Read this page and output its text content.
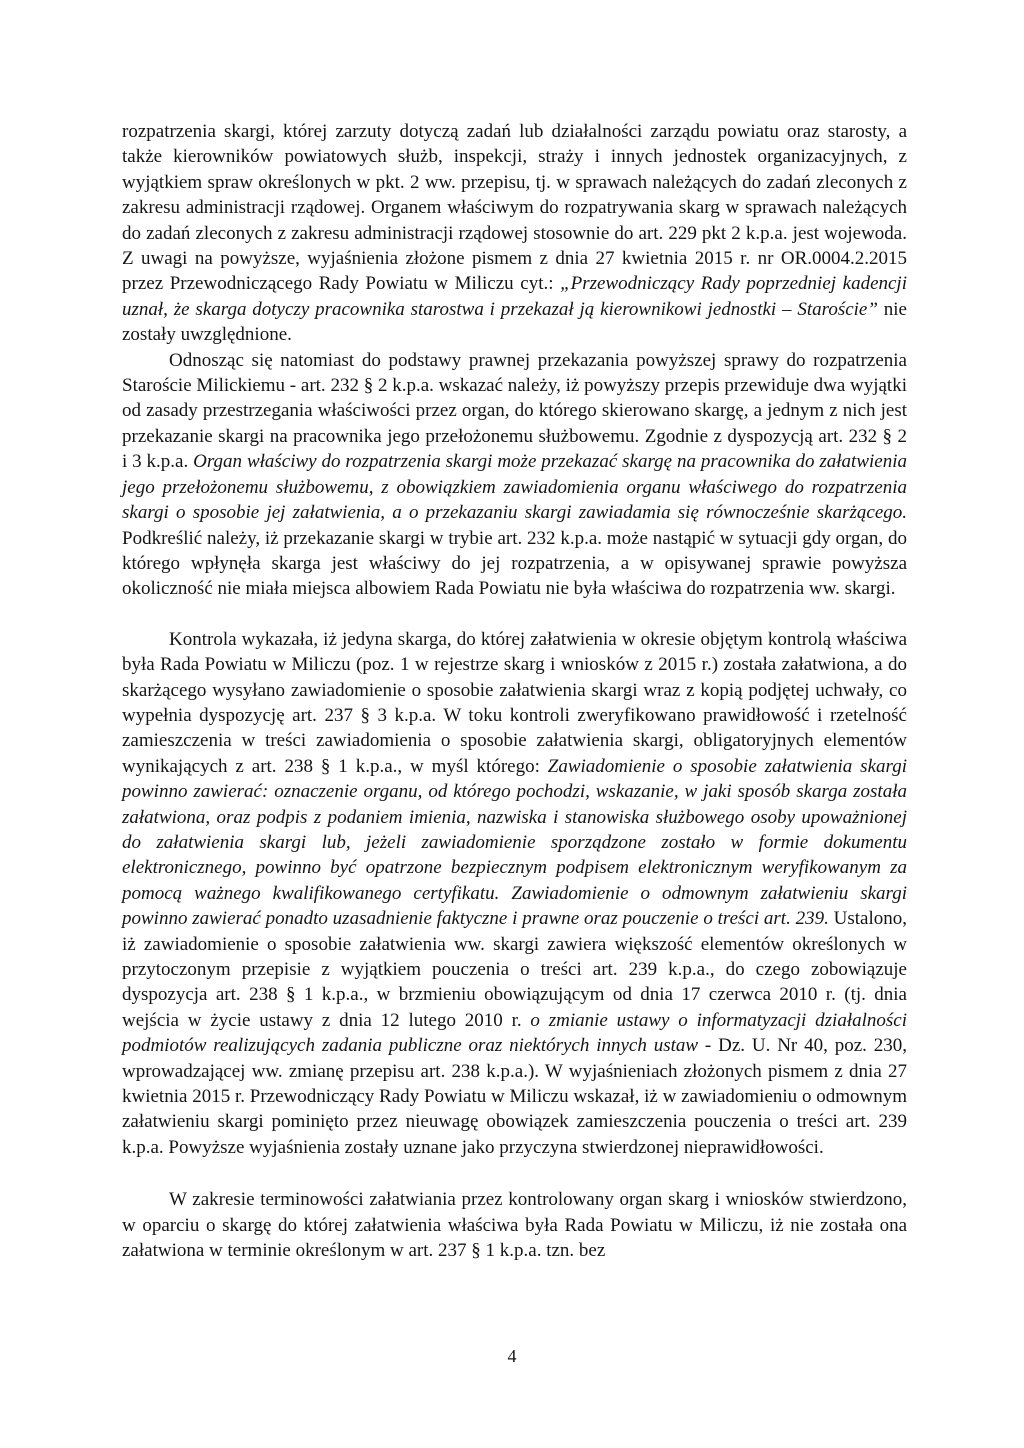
rozpatrzenia skargi, której zarzuty dotyczą zadań lub działalności zarządu powiatu oraz starosty, a także kierowników powiatowych służb, inspekcji, straży i innych jednostek organizacyjnych, z wyjątkiem spraw określonych w pkt. 2 ww. przepisu, tj. w sprawach należących do zadań zleconych z zakresu administracji rządowej. Organem właściwym do rozpatrywania skarg w sprawach należących do zadań zleconych z zakresu administracji rządowej stosownie do art. 229 pkt 2 k.p.a. jest wojewoda. Z uwagi na powyższe, wyjaśnienia złożone pismem z dnia 27 kwietnia 2015 r. nr OR.0004.2.2015 przez Przewodniczącego Rady Powiatu w Miliczu cyt.: „Przewodniczący Rady poprzedniej kadencji uznał, że skarga dotyczy pracownika starostwa i przekazał ją kierownikowi jednostki – Staroście” nie zostały uwzględnione.

Odnosząc się natomiast do podstawy prawnej przekazania powyższej sprawy do rozpatrzenia Staroście Milickiemu - art. 232 § 2 k.p.a. wskazać należy, iż powyższy przepis przewiduje dwa wyjątki od zasady przestrzegania właściwości przez organ, do którego skierowano skargę, a jednym z nich jest przekazanie skargi na pracownika jego przełożonemu służbowemu. Zgodnie z dyspozycją art. 232 § 2 i 3 k.p.a. Organ właściwy do rozpatrzenia skargi może przekazać skargę na pracownika do załatwienia jego przełożonemu służbowemu, z obowiązkiem zawiadomienia organu właściwego do rozpatrzenia skargi o sposobie jej załatwienia, a o przekazaniu skargi zawiadamia się równocześnie skarżącego. Podkreślić należy, iż przekazanie skargi w trybie art. 232 k.p.a. może nastąpić w sytuacji gdy organ, do którego wpłynęła skarga jest właściwy do jej rozpatrzenia, a w opisywanej sprawie powyższa okoliczność nie miała miejsca albowiem Rada Powiatu nie była właściwa do rozpatrzenia ww. skargi.

Kontrola wykazała, iż jedyna skarga, do której załatwienia w okresie objętym kontrolą właściwa była Rada Powiatu w Miliczu (poz. 1 w rejestrze skarg i wniosków z 2015 r.) została załatwiona, a do skarżącego wysyłano zawiadomienie o sposobie załatwienia skargi wraz z kopią podjętej uchwały, co wypełnia dyspozycję art. 237 § 3 k.p.a. W toku kontroli zweryfikowano prawidłowość i rzetelność zamieszczenia w treści zawiadomienia o sposobie załatwienia skargi, obligatoryjnych elementów wynikających z art. 238 § 1 k.p.a., w myśl którego: Zawiadomienie o sposobie załatwienia skargi powinno zawierać: oznaczenie organu, od którego pochodzi, wskazanie, w jaki sposób skarga została załatwiona, oraz podpis z podaniem imienia, nazwiska i stanowiska służbowego osoby upoważnionej do załatwienia skargi lub, jeżeli zawiadomienie sporządzone zostało w formie dokumentu elektronicznego, powinno być opatrzone bezpiecznym podpisem elektronicznym weryfikowanym za pomocą ważnego kwalifikowanego certyfikatu. Zawiadomienie o odmownym załatwieniu skargi powinno zawierać ponadto uzasadnienie faktyczne i prawne oraz pouczenie o treści art. 239. Ustalono, iż zawiadomienie o sposobie załatwienia ww. skargi zawiera większość elementów określonych w przytoczonym przepisie z wyjątkiem pouczenia o treści art. 239 k.p.a., do czego zobowiązuje dyspozycja art. 238 § 1 k.p.a., w brzmieniu obowiązującym od dnia 17 czerwca 2010 r. (tj. dnia wejścia w życie ustawy z dnia 12 lutego 2010 r. o zmianie ustawy o informatyzacji działalności podmiotów realizujących zadania publiczne oraz niektórych innych ustaw - Dz. U. Nr 40, poz. 230, wprowadzającej ww. zmianę przepisu art. 238 k.p.a.). W wyjaśnieniach złożonych pismem z dnia 27 kwietnia 2015 r. Przewodniczący Rady Powiatu w Miliczu wskazał, iż w zawiadomieniu o odmownym załatwieniu skargi pominięto przez nieuwagę obowiązek zamieszczenia pouczenia o treści art. 239 k.p.a. Powyższe wyjaśnienia zostały uznane jako przyczyna stwierdzonej nieprawidłowości.

W zakresie terminowości załatwiania przez kontrolowany organ skarg i wniosków stwierdzono, w oparciu o skargę do której załatwienia właściwa była Rada Powiatu w Miliczu, iż nie została ona załatwiona w terminie określonym w art. 237 § 1 k.p.a. tzn. bez

4
